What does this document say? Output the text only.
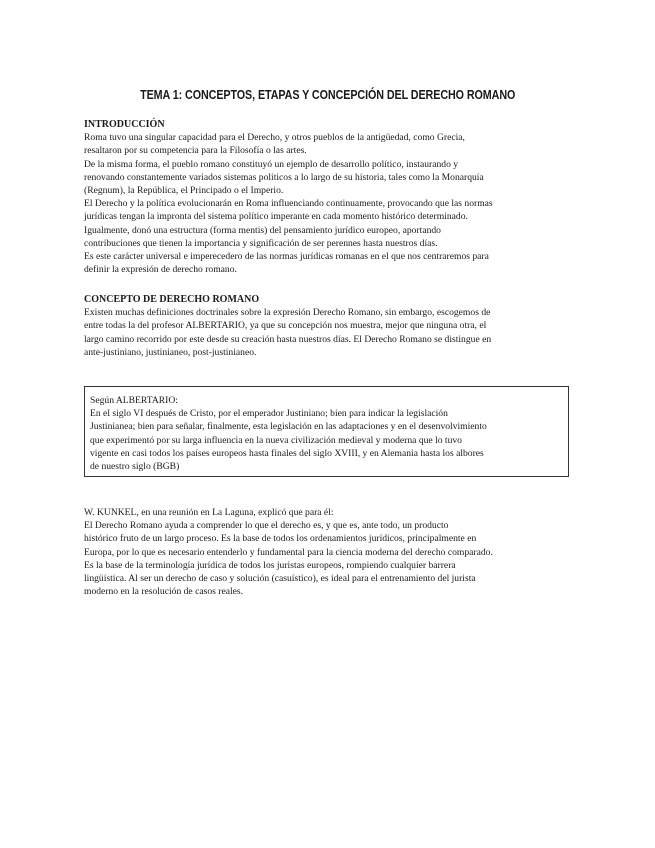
TEMA 1: CONCEPTOS, ETAPAS Y CONCEPCIÓN DEL DERECHO ROMANO
INTRODUCCIÓN
Roma tuvo una singular capacidad para el Derecho, y otros pueblos de la antigüedad, como Grecia,
resaltaron por su competencia para la Filosofía o las artes.
De la misma forma, el pueblo romano constituyó un ejemplo de desarrollo político, instaurando y
renovando constantemente variados sistemas políticos a lo largo de su historia, tales como la Monarquía
(Regnum), la República, el Principado o el Imperio.
El Derecho y la política evolucionarán en Roma influenciando continuamente, provocando que las normas
jurídicas tengan la impronta del sistema político imperante en cada momento histórico determinado.
Igualmente, donó una estructura (forma mentis) del pensamiento jurídico europeo, aportando
contribuciones que tienen la importancia y significación de ser perennes hasta nuestros días.
Es este carácter universal e imperecedero de las normas jurídicas romanas en el que nos centraremos para
definir la expresión de derecho romano.
CONCEPTO DE DERECHO ROMANO
Existen muchas definiciones doctrinales sobre la expresión Derecho Romano, sin embargo, escogemos de
entre todas la del profesor ALBERTARIO, ya que su concepción nos muestra, mejor que ninguna otra, el
largo camino recorrido por este desde su creación hasta nuestros días. El Derecho Romano se distingue en
ante-justiniano, justinianeo, post-justinianeo.
Según ALBERTARIO:
En el siglo VI después de Cristo, por el emperador Justiniano; bien para indicar la legislación
Justinianea; bien para señalar, finalmente, esta legislación en las adaptaciones y en el desenvolvimiento
que experimentó por su larga influencia en la nueva civilización medieval y moderna que lo tuvo
vigente en casi todos los países europeos hasta finales del siglo XVIII, y en Alemania hasta los albores
de nuestro siglo (BGB)
W. KUNKEL, en una reunión en La Laguna, explicó que para él:
El Derecho Romano ayuda a comprender lo que el derecho es, y que es, ante todo, un producto
histórico fruto de un largo proceso. Es la base de todos los ordenamientos jurídicos, principalmente en
Europa, por lo que es necesario entenderlo y fundamental para la ciencia moderna del derecho comparado.
Es la base de la terminología jurídica de todos los juristas europeos, rompiendo cualquier barrera
lingüística. Al ser un derecho de caso y solución (casuístico), es ideal para el entrenamiento del jurista
moderno en la resolución de casos reales.
